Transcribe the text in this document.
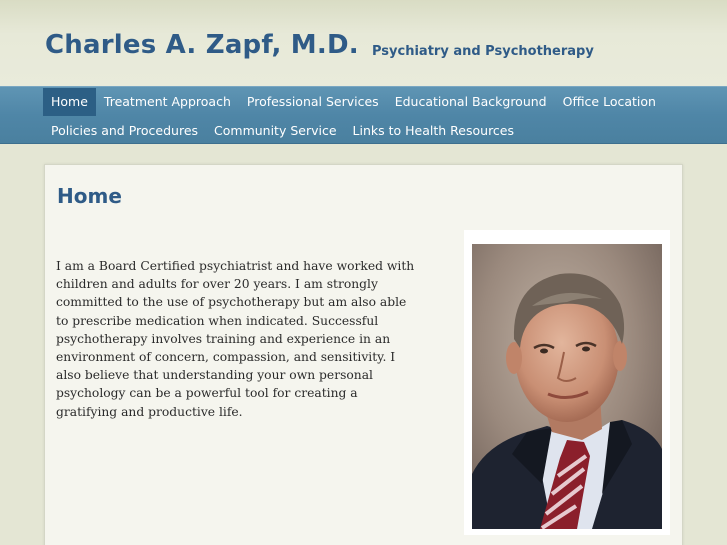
Charles A. Zapf, M.D. Psychiatry and Psychotherapy
Home	Treatment Approach	Professional Services	Educational Background	Office Location
Policies and Procedures	Community Service	Links to Health Resources
Home

I am a Board Certified psychiatrist and have worked with children and adults for over 20 years. I am strongly committed to the use of psychotherapy but am also able to prescribe medication when indicated. Successful psychotherapy involves training and experience in an environment of concern, compassion, and sensitivity. I also believe that understanding your own personal psychology can be a powerful tool for creating a gratifying and productive life.
